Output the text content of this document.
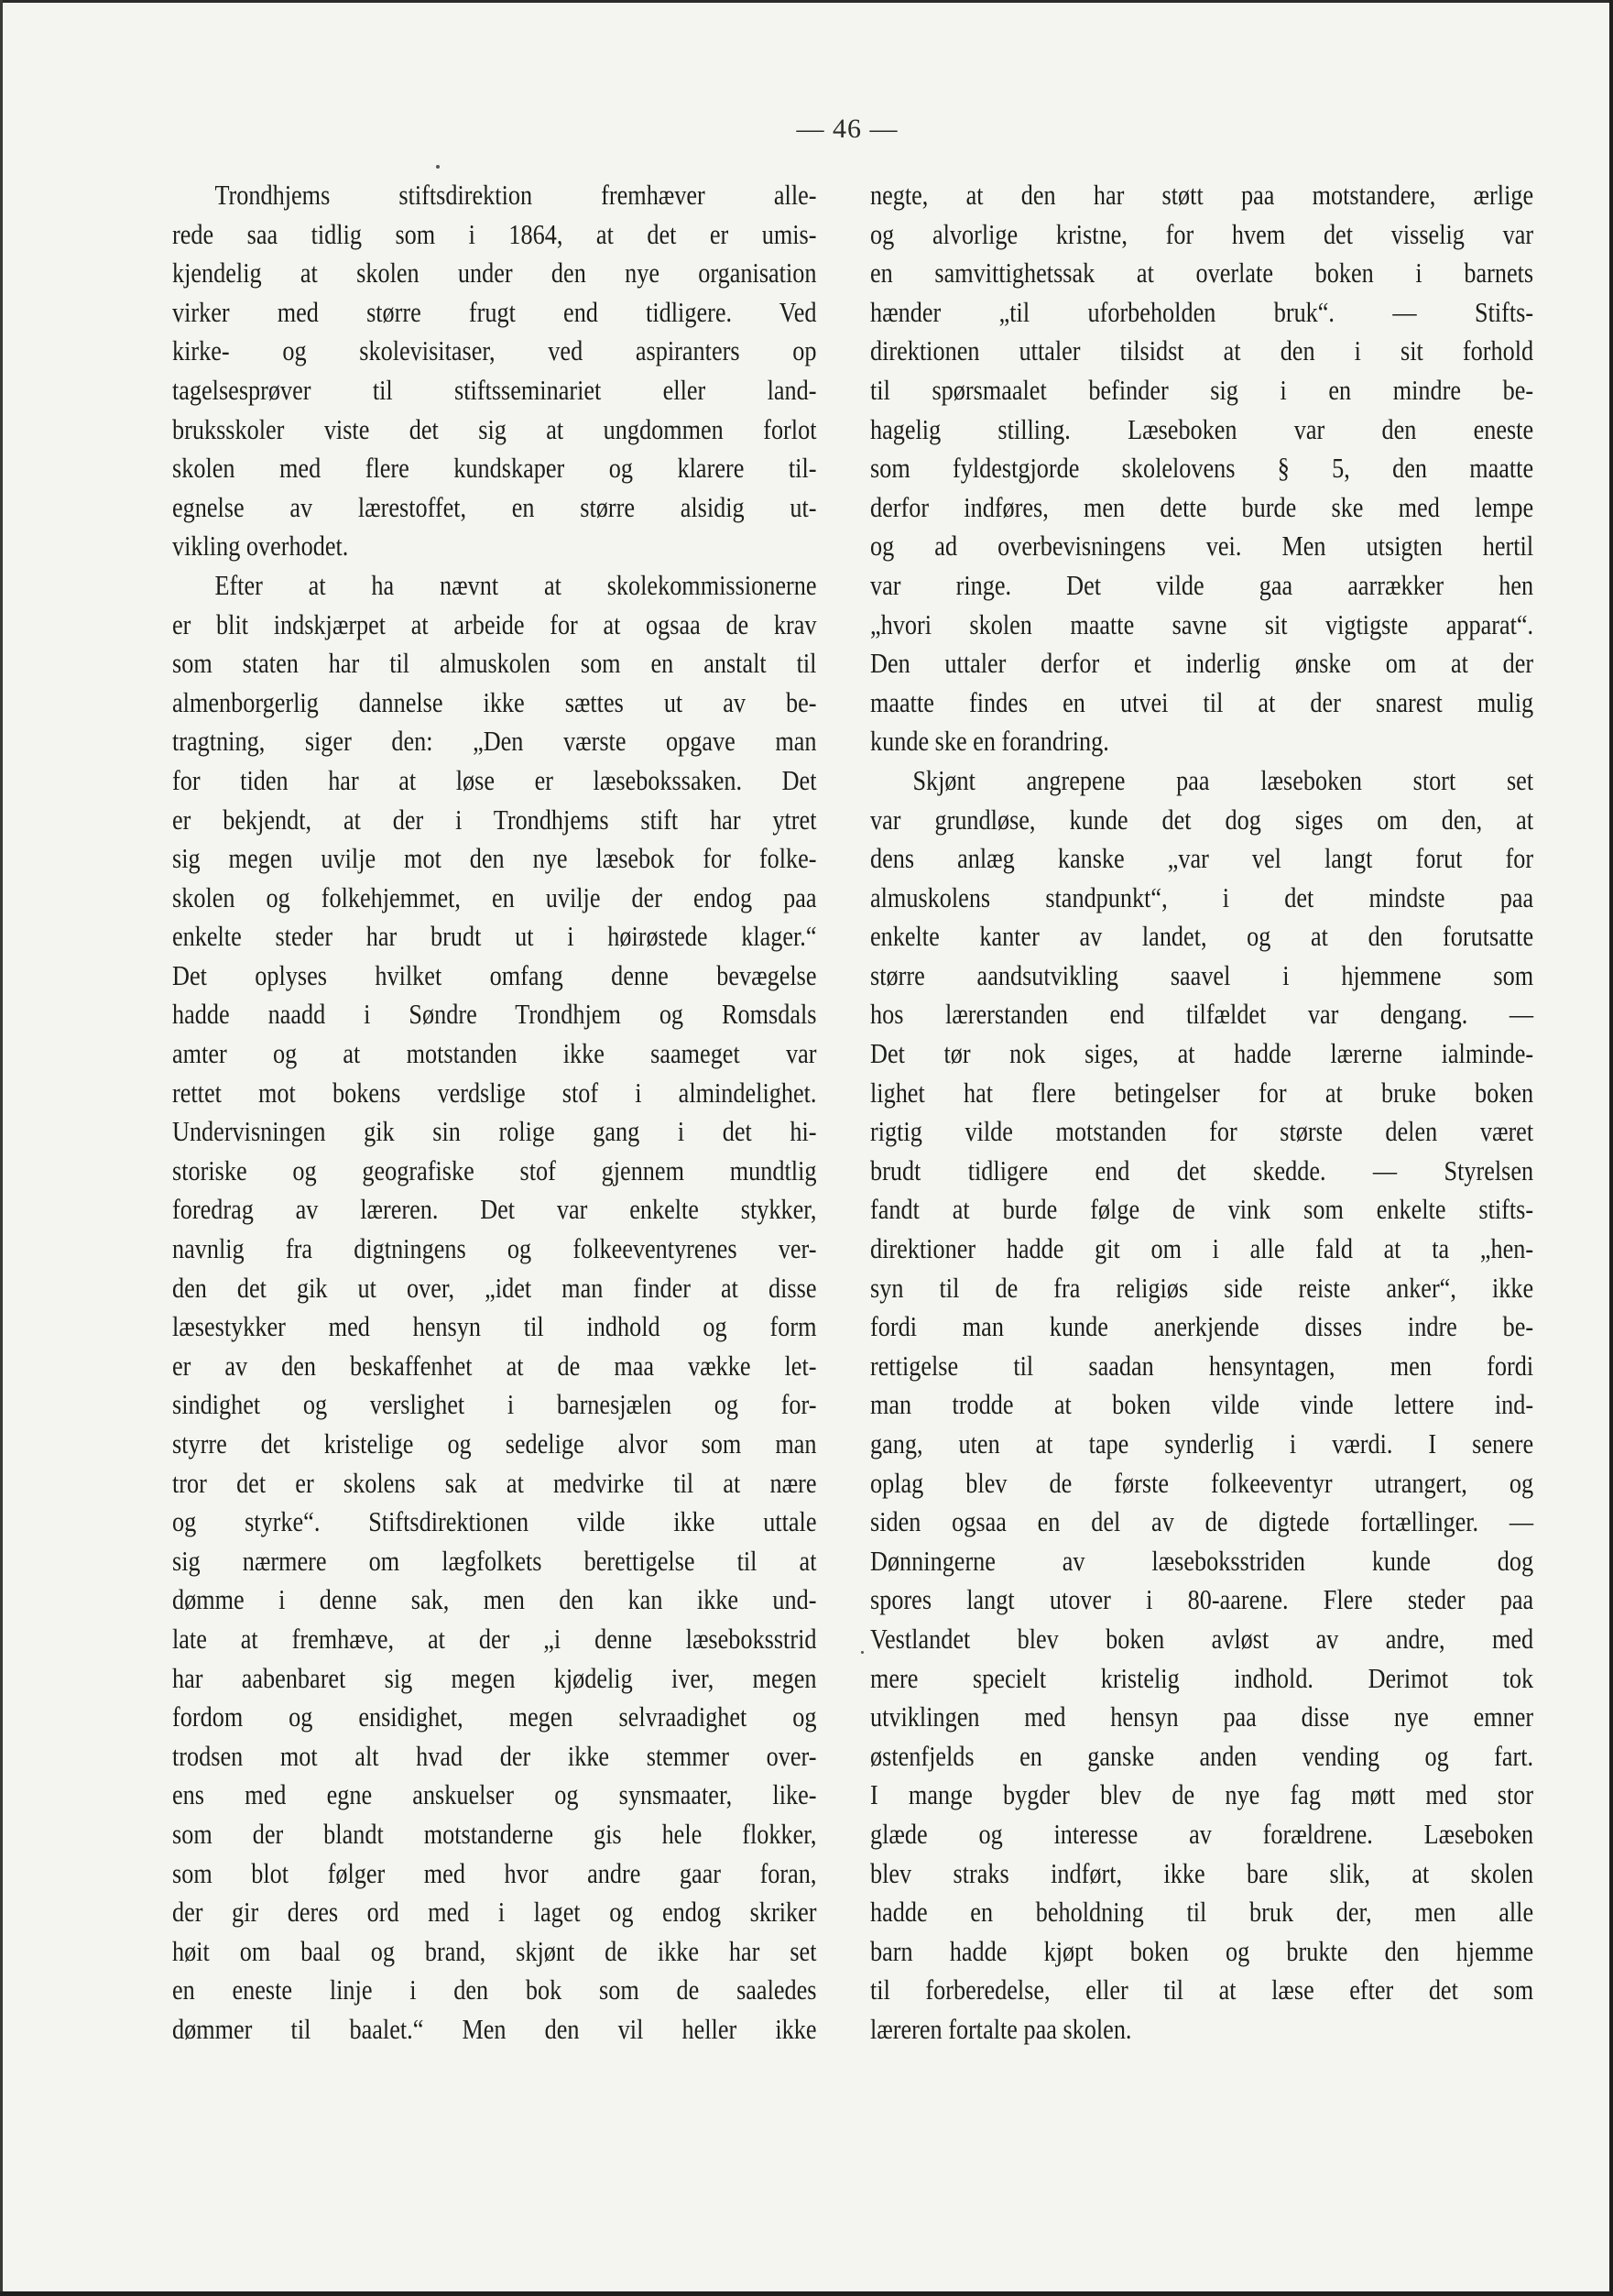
— 46 —
Trondhjems stiftsdirektion fremhæver alle-
rede saa tidlig som i 1864, at det er umis-
kjendelig at skolen under den nye organisation
virker med større frugt end tidligere. Ved
kirke- og skolevisitaser, ved aspiranters op
tagelsesprøver til stiftsseminariet eller land-
bruksskoler viste det sig at ungdommen forlot
skolen med flere kundskaper og klarere til-
egnelse av lærestoffet, en større alsidig ut-
vikling overhodet.
Efter at ha nævnt at skolekommissionerne
er blit indskjærpet at arbeide for at ogsaa de krav
som staten har til almuskolen som en anstalt til
almenborgerlig dannelse ikke sættes ut av be-
tragtning, siger den: „Den værste opgave man
for tiden har at løse er læsebokssaken. Det
er bekjendt, at der i Trondhjems stift har ytret
sig megen uvilje mot den nye læsebok for folke-
skolen og folkehjemmet, en uvilje der endog paa
enkelte steder har brudt ut i høirøstede klager.“
Det oplyses hvilket omfang denne bevægelse
hadde naadd i Søndre Trondhjem og Romsdals
amter og at motstanden ikke saameget var
rettet mot bokens verdslige stof i almindelighet.
Undervisningen gik sin rolige gang i det hi-
storiske og geografiske stof gjennem mundtlig
foredrag av læreren. Det var enkelte stykker,
navnlig fra digtningens og folkeeventyrenes ver-
den det gik ut over, „idet man finder at disse
læsestykker med hensyn til indhold og form
er av den beskaffenhet at de maa vække let-
sindighet og verslighet i barnesjælen og for-
styrre det kristelige og sedelige alvor som man
tror det er skolens sak at medvirke til at nære
og styrke“. Stiftsdirektionen vilde ikke uttale
sig nærmere om lægfolkets berettigelse til at
dømme i denne sak, men den kan ikke und-
late at fremhæve, at der „i denne læseboksstrid
har aabenbaret sig megen kjødelig iver, megen
fordom og ensidighet, megen selvraadighet og
trodsen mot alt hvad der ikke stemmer over-
ens med egne anskuelser og synsmaater, like-
som der blandt motstanderne gis hele flokker,
som blot følger med hvor andre gaar foran,
der gir deres ord med i laget og endog skriker
høit om baal og brand, skjønt de ikke har set
en eneste linje i den bok som de saaledes
dømmer til baalet.“ Men den vil heller ikke
negte, at den har støtt paa motstandere, ærlige
og alvorlige kristne, for hvem det visselig var
en samvittighetssak at overlate boken i barnets
hænder „til uforbeholden bruk“. — Stifts-
direktionen uttaler tilsidst at den i sit forhold
til spørsmaalet befinder sig i en mindre be-
hagelig stilling. Læseboken var den eneste
som fyldestgjorde skolelovens § 5, den maatte
derfor indføres, men dette burde ske med lempe
og ad overbevisningens vei. Men utsigten hertil
var ringe. Det vilde gaa aarrækker hen
„hvori skolen maatte savne sit vigtigste apparat“.
Den uttaler derfor et inderlig ønske om at der
maatte findes en utvei til at der snarest mulig
kunde ske en forandring.
Skjønt angrepene paa læseboken stort set
var grundløse, kunde det dog siges om den, at
dens anlæg kanske „var vel langt forut for
almuskolens standpunkt“, i det mindste paa
enkelte kanter av landet, og at den forutsatte
større aandsutvikling saavel i hjemmene som
hos lærerstanden end tilfældet var dengang. —
Det tør nok siges, at hadde lærerne ialminde-
lighet hat flere betingelser for at bruke boken
rigtig vilde motstanden for største delen været
brudt tidligere end det skedde. — Styrelsen
fandt at burde følge de vink som enkelte stifts-
direktioner hadde git om i alle fald at ta „hen-
syn til de fra religiøs side reiste anker“, ikke
fordi man kunde anerkjende disses indre be-
rettigelse til saadan hensyntagen, men fordi
man trodde at boken vilde vinde lettere ind-
gang, uten at tape synderlig i værdi. I senere
oplag blev de første folkeeventyr utrangert, og
siden ogsaa en del av de digtede fortællinger. —
Dønningerne av læseboksstriden kunde dog
spores langt utover i 80-aarene. Flere steder paa
Vestlandet blev boken avløst av andre, med
mere specielt kristelig indhold. Derimot tok
utviklingen med hensyn paa disse nye emner
østenfjelds en ganske anden vending og fart.
I mange bygder blev de nye fag møtt med stor
glæde og interesse av forældrene. Læseboken
blev straks indført, ikke bare slik, at skolen
hadde en beholdning til bruk der, men alle
barn hadde kjøpt boken og brukte den hjemme
til forberedelse, eller til at læse efter det som
læreren fortalte paa skolen.
